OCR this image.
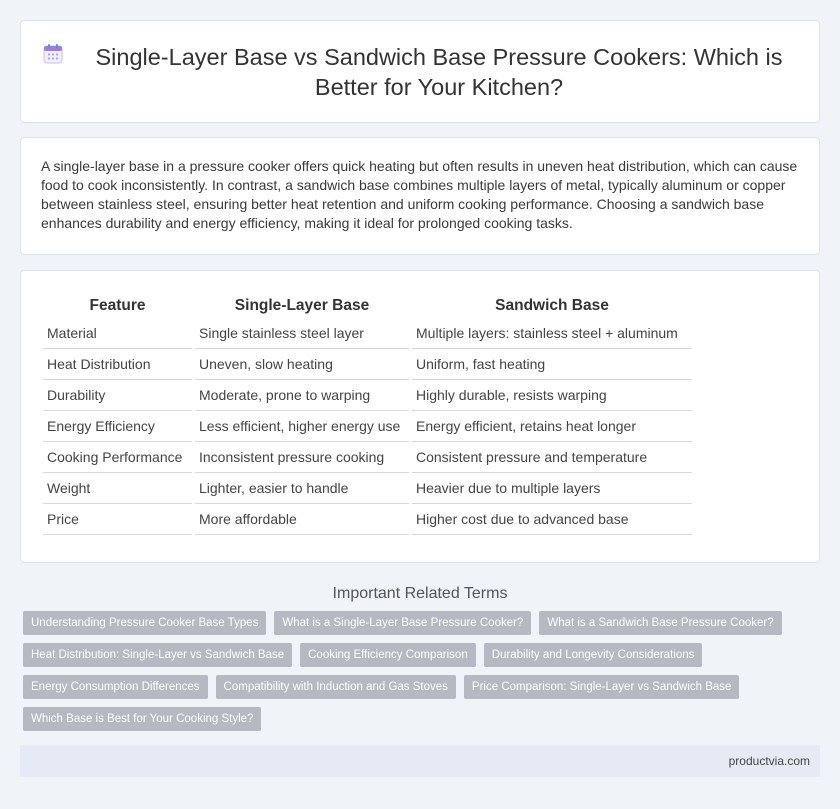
Single-Layer Base vs Sandwich Base Pressure Cookers: Which is Better for Your Kitchen?

A single-layer base in a pressure cooker offers quick heating but often results in uneven heat distribution, which can cause food to cook inconsistently. In contrast, a sandwich base combines multiple layers of metal, typically aluminum or copper between stainless steel, ensuring better heat retention and uniform cooking performance. Choosing a sandwich base enhances durability and energy efficiency, making it ideal for prolonged cooking tasks.

Feature	Single-Layer Base	Sandwich Base
Material	Single stainless steel layer	Multiple layers: stainless steel + aluminum
Heat Distribution	Uneven, slow heating	Uniform, fast heating
Durability	Moderate, prone to warping	Highly durable, resists warping
Energy Efficiency	Less efficient, higher energy use	Energy efficient, retains heat longer
Cooking Performance	Inconsistent pressure cooking	Consistent pressure and temperature
Weight	Lighter, easier to handle	Heavier due to multiple layers
Price	More affordable	Higher cost due to advanced base
Important Related Terms
Understanding Pressure Cooker Base Types	What is a Single-Layer Base Pressure Cooker?	What is a Sandwich Base Pressure Cooker?
Heat Distribution: Single-Layer vs Sandwich Base	Cooking Efficiency Comparison	Durability and Longevity Considerations
Energy Consumption Differences	Compatibility with Induction and Gas Stoves	Price Comparison: Single-Layer vs Sandwich Base
Which Base is Best for Your Cooking Style?
productvia.com
